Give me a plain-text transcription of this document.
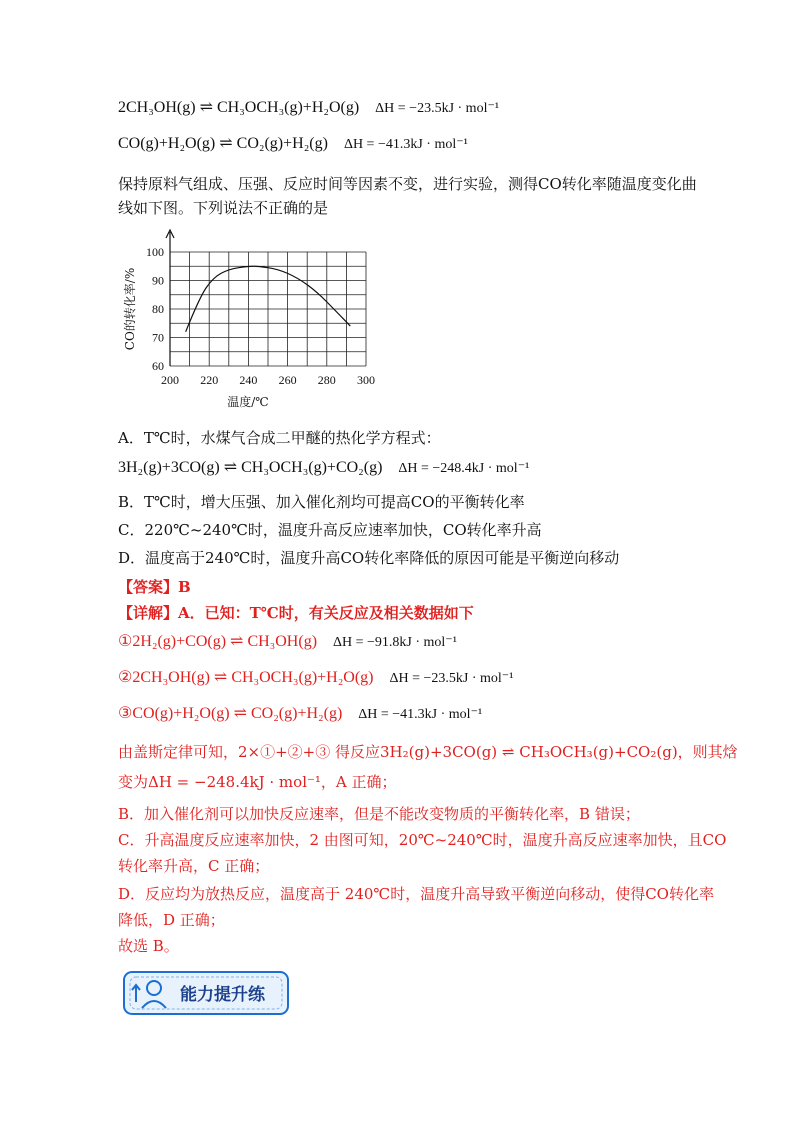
2CH₃OH(g) ⇌ CH₃OCH₃(g)+H₂O(g) ΔH = −23.5kJ · mol⁻¹
CO(g)+H₂O(g) ⇌ CO₂(g)+H₂(g) ΔH = −41.3kJ · mol⁻¹
保持原料气组成、压强、反应时间等因素不变，进行实验，测得CO转化率随温度变化曲
线如下图。下列说法不正确的是
200 220 240 260 280 300
60
70
80
90
100
CO的转化率/%
温度/℃
A．T℃时，水煤气合成二甲醚的热化学方程式：
3H₂(g)+3CO(g) ⇌ CH₃OCH₃(g)+CO₂(g) ΔH = −248.4kJ · mol⁻¹
B．T℃时，增大压强、加入催化剂均可提高CO的平衡转化率
C．220℃~240℃时，温度升高反应速率加快，CO转化率升高
D．温度高于240℃时，温度升高CO转化率降低的原因可能是平衡逆向移动
【答案】B
【详解】A．已知：T℃时，有关反应及相关数据如下
①2H₂(g)+CO(g) ⇌ CH₃OH(g) ΔH = −91.8kJ · mol⁻¹
②2CH₃OH(g) ⇌ CH₃OCH₃(g)+H₂O(g) ΔH = −23.5kJ · mol⁻¹
③CO(g)+H₂O(g) ⇌ CO₂(g)+H₂(g) ΔH = −41.3kJ · mol⁻¹
由盖斯定律可知，2×①+②+③ 得反应3H₂(g)+3CO(g) ⇌ CH₃OCH₃(g)+CO₂(g)，则其焓
变为ΔH = −248.4kJ · mol⁻¹，A 正确；
B．加入催化剂可以加快反应速率，但是不能改变物质的平衡转化率，B 错误；
C．升高温度反应速率加快，2 由图可知，20℃~240℃时，温度升高反应速率加快，且CO
转化率升高，C 正确；
D．反应均为放热反应，温度高于 240℃时，温度升高导致平衡逆向移动，使得CO转化率
降低，D 正确；
故选 B。
能力提升练
